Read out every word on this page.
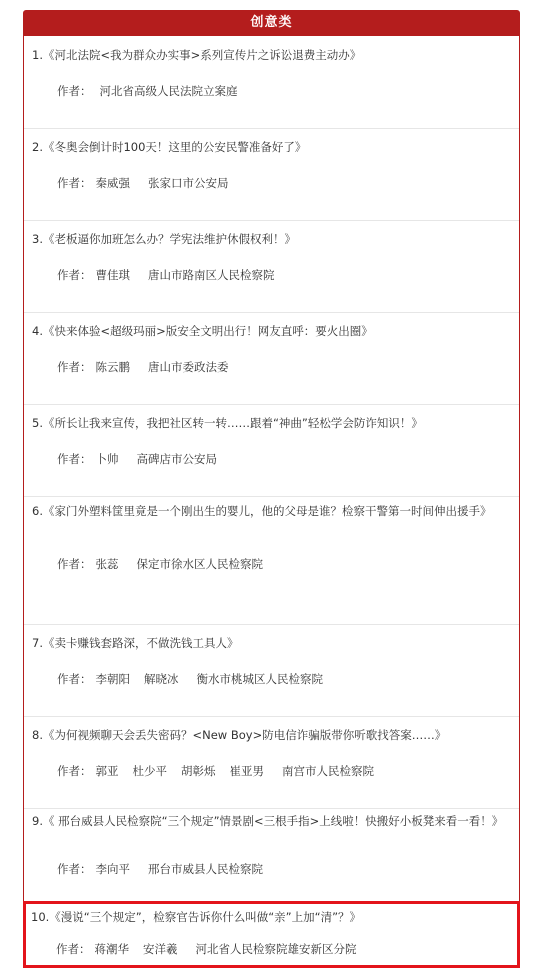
创意类
1.《河北法院<我为群众办实事>系列宣传片之诉讼退费主动办》
作者： 河北省高级人民法院立案庭
2.《冬奥会倒计时100天！这里的公安民警准备好了》
作者： 秦威强 张家口市公安局
3.《老板逼你加班怎么办？学宪法维护休假权利！》
作者： 曹佳琪 唐山市路南区人民检察院
4.《快来体验<超级玛丽>版安全文明出行！网友直呼：要火出圈》
作者： 陈云鹏 唐山市委政法委
5.《所长让我来宣传，我把社区转一转……跟着“神曲”轻松学会防诈知识！》
作者： 卜帅 高碑店市公安局
6.《家门外塑料筐里竟是一个刚出生的婴儿，他的父母是谁？检察干警第一时间伸出援手》
作者： 张蕊 保定市徐水区人民检察院
7.《卖卡赚钱套路深，不做洗钱工具人》
作者： 李朝阳 解晓冰 衡水市桃城区人民检察院
8.《为何视频聊天会丢失密码？<New Boy>防电信诈骗版带你听歌找答案……》
作者： 郭亚 杜少平 胡彰烁 崔亚男 南宫市人民检察院
9.《 邢台威县人民检察院“三个规定”情景剧<三根手指>上线啦！快搬好小板凳来看一看！》
作者： 李向平 邢台市威县人民检察院
10.《漫说“三个规定”，检察官告诉你什么叫做“亲”上加“清”？》
作者： 蒋潮华 安洋羲 河北省人民检察院雄安新区分院
